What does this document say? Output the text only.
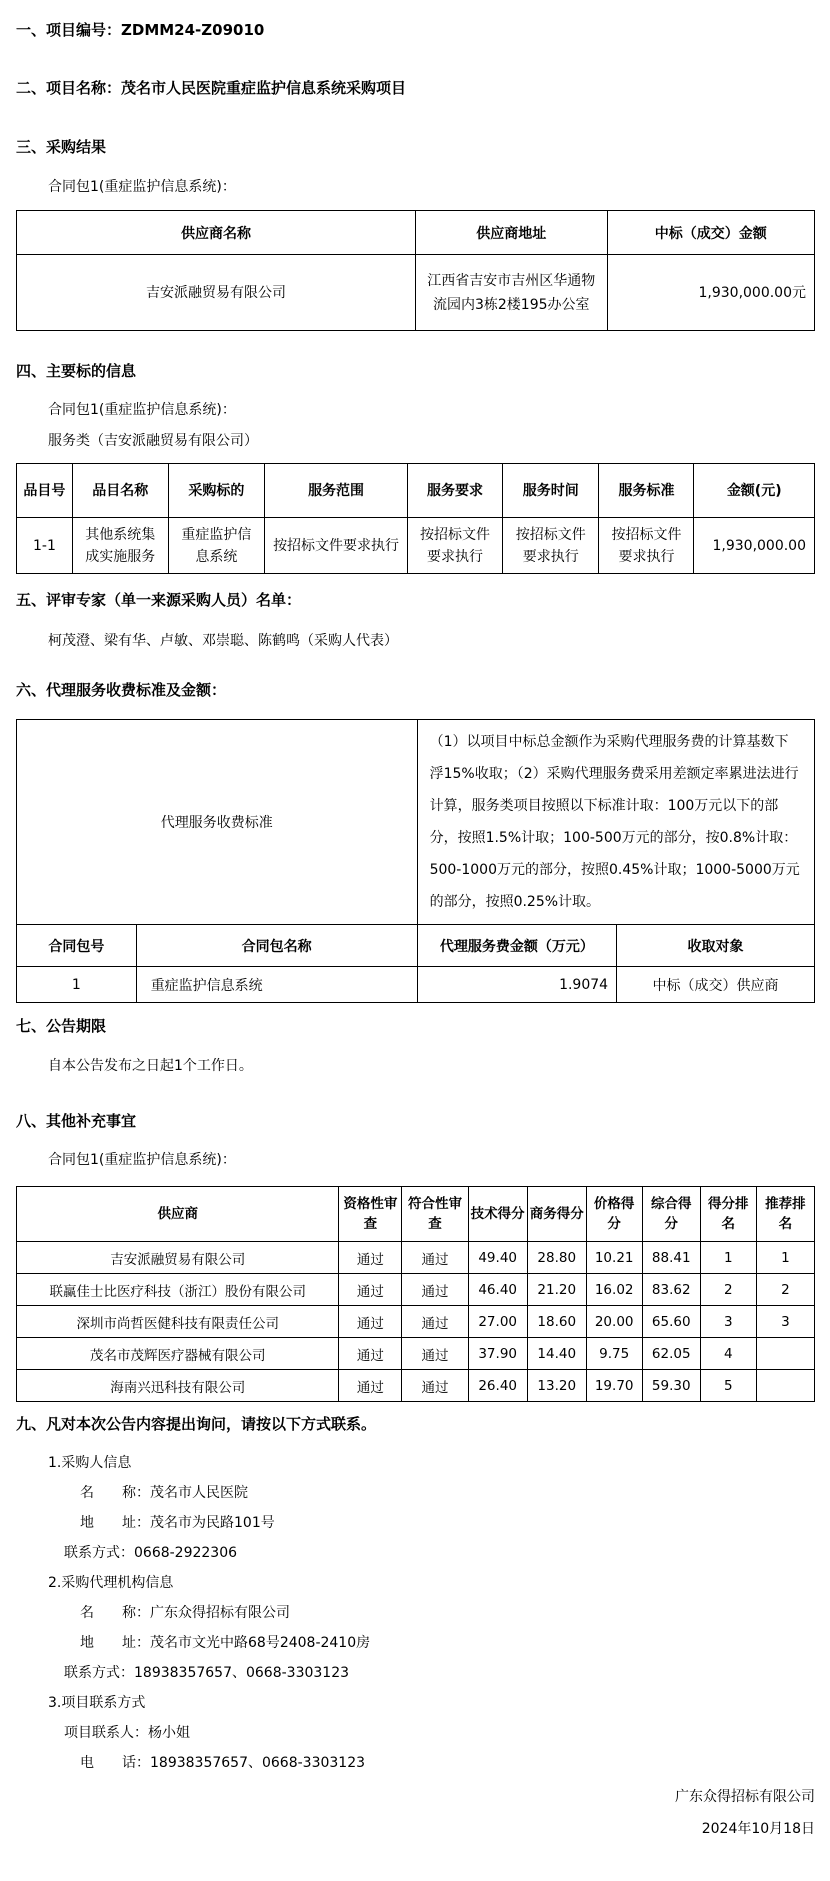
一、项目编号：ZDMM24-Z09010
二、项目名称：茂名市人民医院重症监护信息系统采购项目
三、采购结果

合同包1(重症监护信息系统)：

供应商名称	供应商地址	中标（成交）金额
吉安派融贸易有限公司	江西省吉安市吉州区华通物流园内3栋2楼195办公室	1,930,000.00元
四、主要标的信息

合同包1(重症监护信息系统)：

服务类（吉安派融贸易有限公司）

品目号	品目名称	采购标的	服务范围	服务要求	服务时间	服务标准	金额(元)
1-1	其他系统集成实施服务	重症监护信息系统	按招标文件要求执行	按招标文件要求执行	按招标文件要求执行	按招标文件要求执行	1,930,000.00
五、评审专家（单一来源采购人员）名单：

柯茂澄、梁有华、卢敏、邓崇聪、陈鹤鸣（采购人代表）

六、代理服务收费标准及金额：
代理服务收费标准		（1）以项目中标总金额作为采购代理服务费的计算基数下浮15%收取；（2）采购代理服务费采用差额定率累进法进行计算，服务类项目按照以下标准计取：100万元以下的部分，按照1.5%计取；100-500万元的部分，按0.8%计取：500-1000万元的部分，按照0.45%计取；1000-5000万元的部分，按照0.25%计取。	
合同包号	合同包名称	代理服务费金额（万元）	收取对象
1	重症监护信息系统	1.9074	中标（成交）供应商
七、公告期限

自本公告发布之日起1个工作日。

八、其他补充事宜

合同包1(重症监护信息系统)：

供应商	资格性审查	符合性审查	技术得分	商务得分	价格得分	综合得分	得分排名	推荐排名
吉安派融贸易有限公司	通过	通过	49.40	28.80	10.21	88.41	1	1
联赢佳士比医疗科技（浙江）股份有限公司	通过	通过	46.40	21.20	16.02	83.62	2	2
深圳市尚哲医健科技有限责任公司	通过	通过	27.00	18.60	20.00	65.60	3	3
茂名市茂辉医疗器械有限公司	通过	通过	37.90	14.40	9.75	62.05	4	
海南兴迅科技有限公司	通过	通过	26.40	13.20	19.70	59.30	5	
九、凡对本次公告内容提出询问，请按以下方式联系。

1.采购人信息

名　　称：茂名市人民医院

地　　址：茂名市为民路101号

联系方式：0668-2922306

2.采购代理机构信息

名　　称：广东众得招标有限公司

地　　址：茂名市文光中路68号2408-2410房

联系方式：18938357657、0668-3303123

3.项目联系方式

项目联系人：杨小姐

电　　话：18938357657、0668-3303123

广东众得招标有限公司

2024年10月18日
